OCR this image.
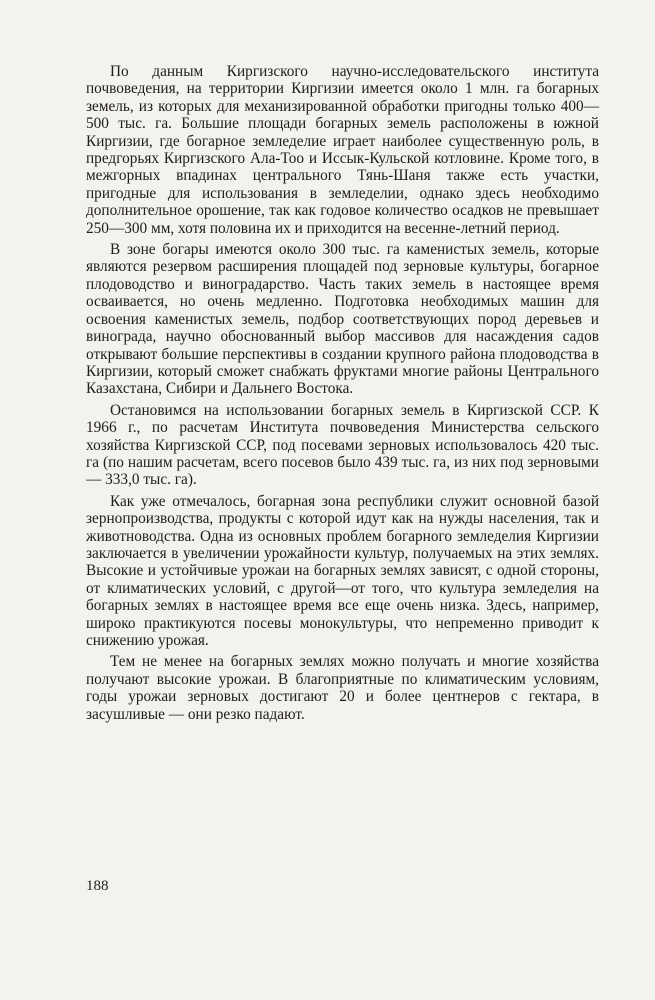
По данным Киргизского научно-исследовательского института почвоведения, на территории Киргизии имеется около 1 млн. га богарных земель, из которых для механизированной обработки пригодны только 400—500 тыс. га. Большие площади богарных земель расположены в южной Киргизии, где богарное земледелие играет наиболее существенную роль, в предгорьях Киргизского Ала-Тоо и Иссык-Кульской котловине. Кроме того, в межгорных впадинах центрального Тянь-Шаня также есть участки, пригодные для использования в земледелии, однако здесь необходимо дополнительное орошение, так как годовое количество осадков не превышает 250—300 мм, хотя половина их и приходится на весенне-летний период.

В зоне богары имеются около 300 тыс. га каменистых земель, которые являются резервом расширения площадей под зерновые культуры, богарное плодоводство и виноградарство. Часть таких земель в настоящее время осваивается, но очень медленно. Подготовка необходимых машин для освоения каменистых земель, подбор соответствующих пород деревьев и винограда, научно обоснованный выбор массивов для насаждения садов открывают большие перспективы в создании крупного района плодоводства в Киргизии, который сможет снабжать фруктами многие районы Центрального Казахстана, Сибири и Дальнего Востока.

Остановимся на использовании богарных земель в Киргизской ССР. К 1966 г., по расчетам Института почвоведения Министерства сельского хозяйства Киргизской ССР, под посевами зерновых использовалось 420 тыс. га (по нашим расчетам, всего посевов было 439 тыс. га, из них под зерновыми — 333,0 тыс. га).

Как уже отмечалось, богарная зона республики служит основной базой зернопроизводства, продукты с которой идут как на нужды населения, так и животноводства. Одна из основных проблем богарного земледелия Киргизии заключается в увеличении урожайности культур, получаемых на этих землях. Высокие и устойчивые урожаи на богарных землях зависят, с одной стороны, от климатических условий, с другой—от того, что культура земледелия на богарных землях в настоящее время все еще очень низка. Здесь, например, широко практикуются посевы монокультуры, что непременно приводит к снижению урожая.

Тем не менее на богарных землях можно получать и многие хозяйства получают высокие урожаи. В благоприятные по климатическим условиям, годы урожаи зерновых достигают 20 и более центнеров с гектара, в засушливые — они резко падают.

188
